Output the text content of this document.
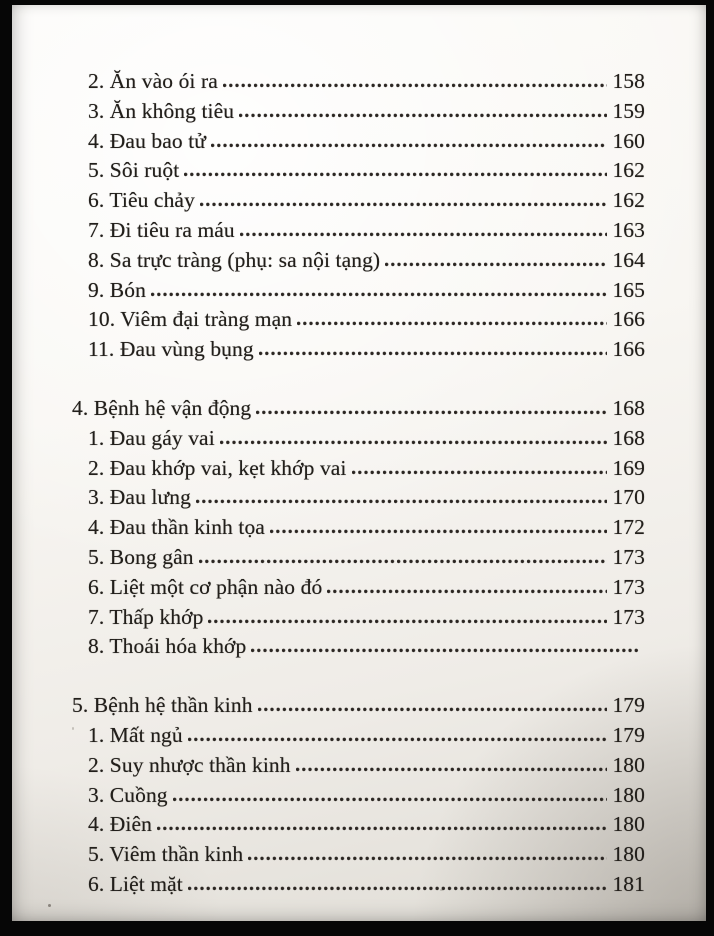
2. Ăn vào ói ra	158
3. Ăn không tiêu	159
4. Đau bao tử	160
5. Sôi ruột	162
6. Tiêu chảy	162
7. Đi tiêu ra máu	163
8. Sa trực tràng (phụ: sa nội tạng)	164
9. Bón	165
10. Viêm đại tràng mạn	166
11. Đau vùng bụng	166
4. Bệnh hệ vận động	168
1. Đau gáy vai	168
2. Đau khớp vai, kẹt khớp vai	169
3. Đau lưng	170
4. Đau thần kinh tọa	172
5. Bong gân	173
6. Liệt một cơ phận nào đó	173
7. Thấp khớp	173
8. Thoái hóa khớp
5. Bệnh hệ thần kinh	179
1. Mất ngủ	179
2. Suy nhược thần kinh	180
3. Cuồng	180
4. Điên	180
5. Viêm thần kinh	180
6. Liệt mặt	181
